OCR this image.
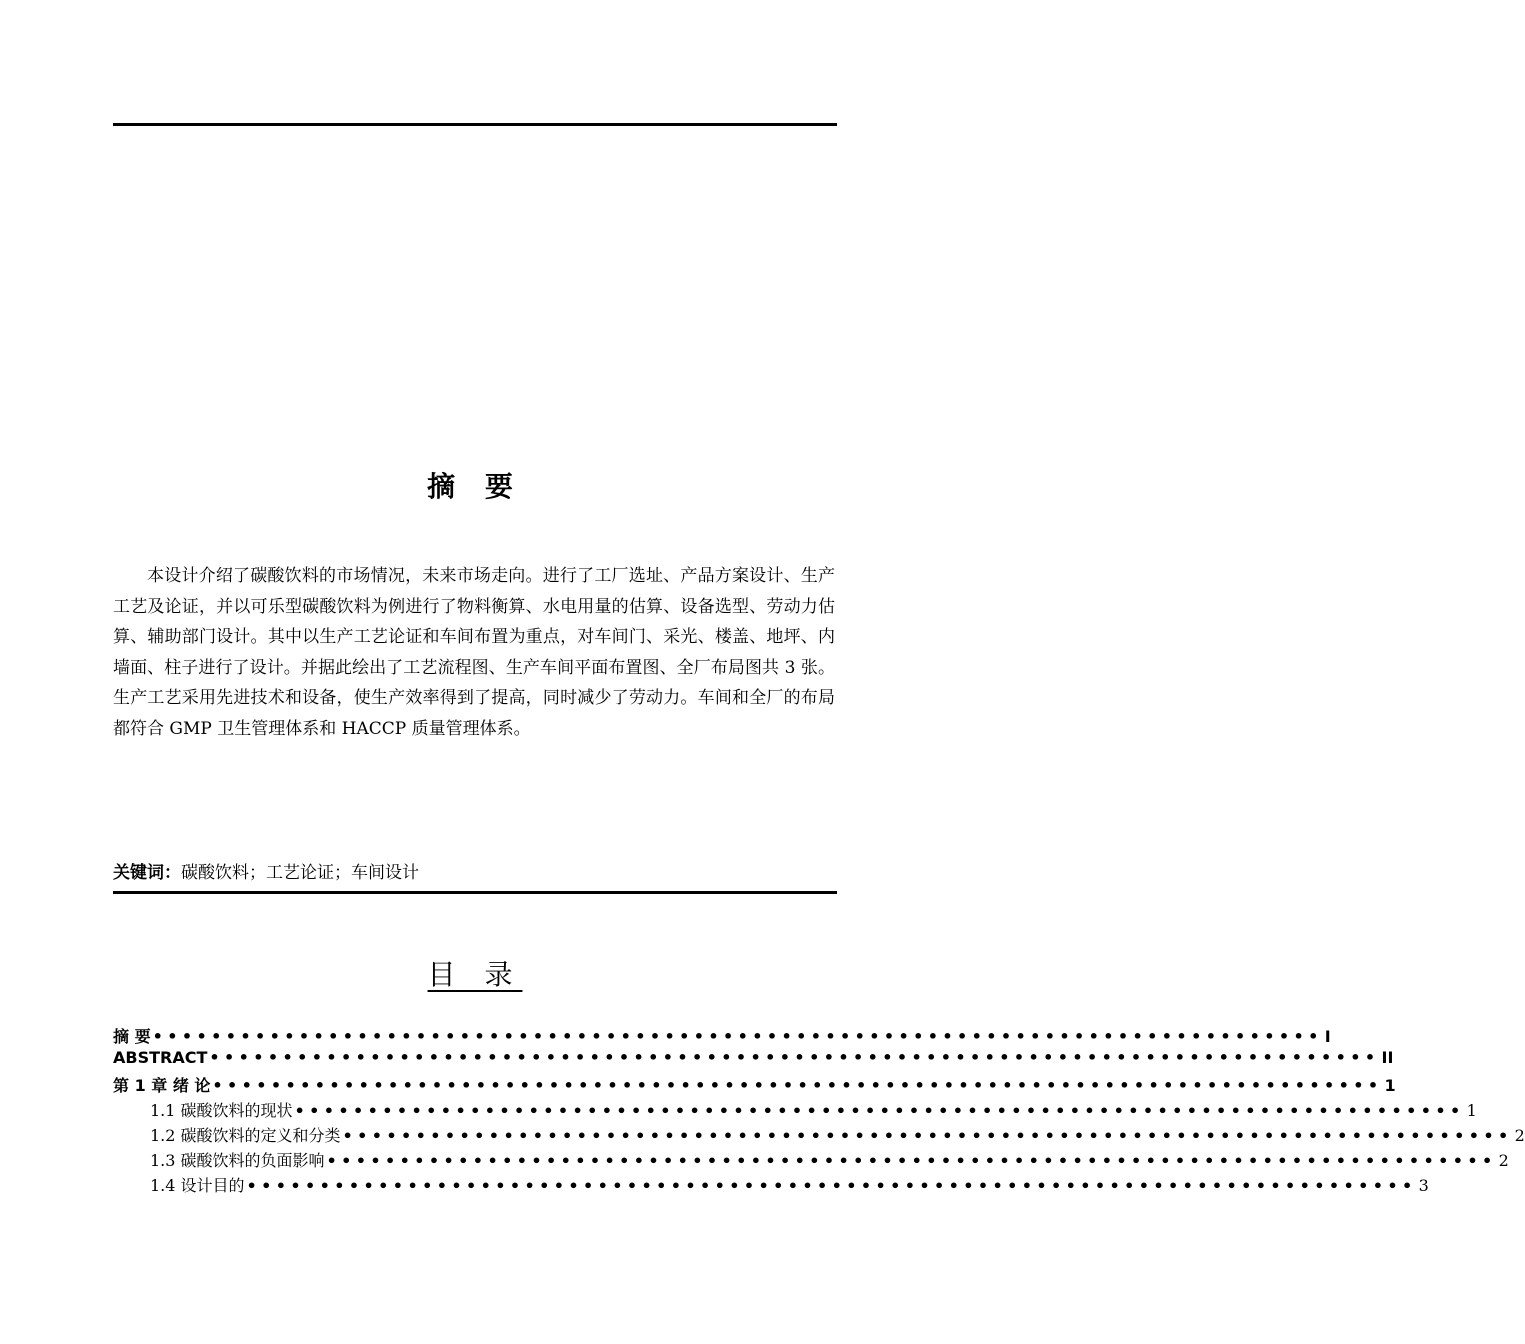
摘 要

本设计介绍了碳酸饮料的市场情况，未来市场走向。进行了工厂选址、产品方案设计、生产工艺及论证，并以可乐型碳酸饮料为例进行了物料衡算、水电用量的估算、设备选型、劳动力估算、辅助部门设计。其中以生产工艺论证和车间布置为重点，对车间门、采光、楼盖、地坪、内墙面、柱子进行了设计。并据此绘出了工艺流程图、生产车间平面布置图、全厂布局图共 3 张。生产工艺采用先进技术和设备，使生产效率得到了提高，同时减少了劳动力。车间和全厂的布局都符合 GMP 卫生管理体系和 HACCP 质量管理体系。

关键词：碳酸饮料；工艺论证；车间设计
目 录
摘 要 •••••••••••••••••••••••••••••••••••••••••••••••••••••••••••••••••••••••••••••••• I
ABSTRACT •••••••••••••••••••••••••••••••••••••••••••••••••••••••••••••••••••••••••••••••• II
第 1 章 绪 论 •••••••••••••••••••••••••••••••••••••••••••••••••••••••••••••••••••••••••••••••• 1
1.1 碳酸饮料的现状 •••••••••••••••••••••••••••••••••••••••••••••••••••••••••••••••••••••••••••••••• 1
1.2 碳酸饮料的定义和分类 •••••••••••••••••••••••••••••••••••••••••••••••••••••••••••••••••••••••••••••••• 2
1.3 碳酸饮料的负面影响 •••••••••••••••••••••••••••••••••••••••••••••••••••••••••••••••••••••••••••••••• 2
1.4 设计目的 •••••••••••••••••••••••••••••••••••••••••••••••••••••••••••••••••••••••••••••••• 3
